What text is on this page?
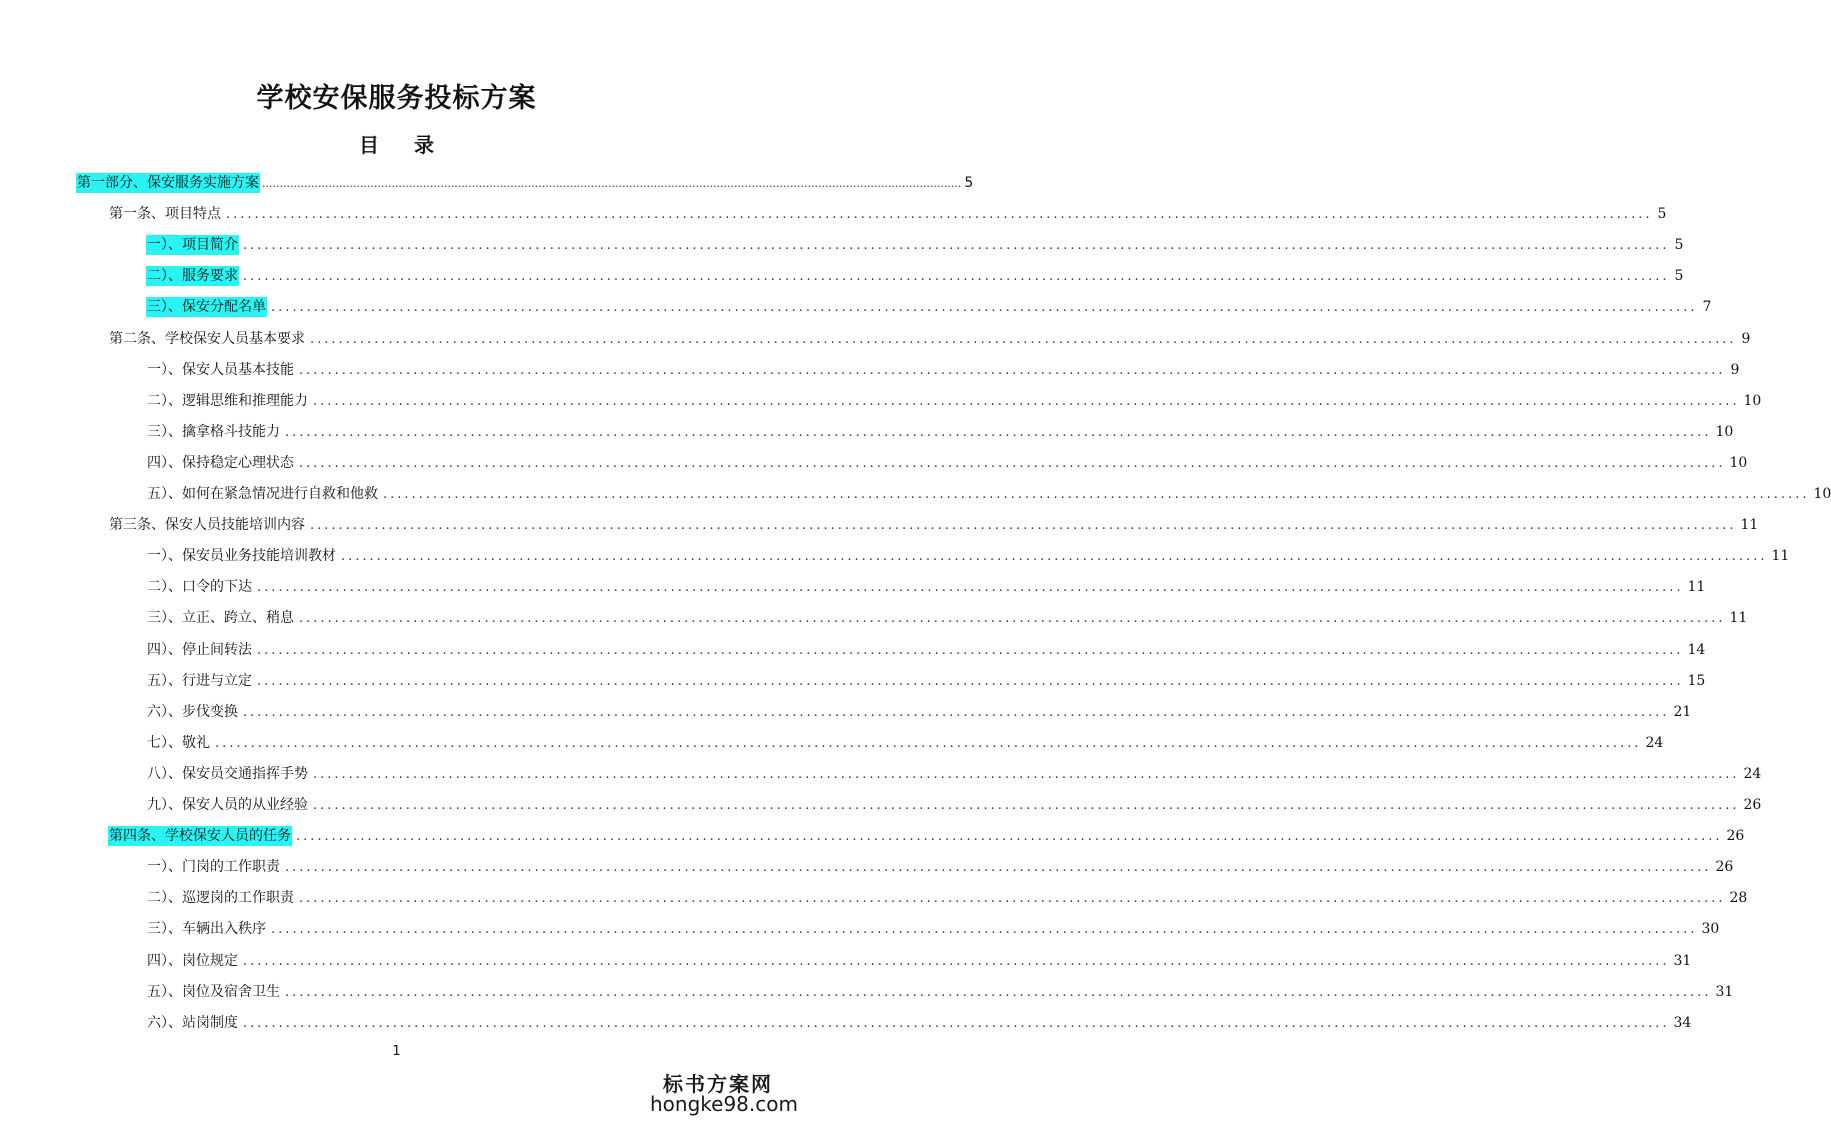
学校安保服务投标方案
目 录
第一部分、保安服务实施方案 ........................................................................................................................................................................................................ 5
第一条、项目特点 ........................................................................................................................................................................................................ 5
一）、项目简介 ........................................................................................................................................................................................................ 5
二）、服务要求 ........................................................................................................................................................................................................ 5
三）、保安分配名单 ........................................................................................................................................................................................................ 7
第二条、学校保安人员基本要求 ........................................................................................................................................................................................................ 9
一）、保安人员基本技能 ........................................................................................................................................................................................................ 9
二）、逻辑思维和推理能力 ........................................................................................................................................................................................................ 10
三）、擒拿格斗技能力 ........................................................................................................................................................................................................ 10
四）、保持稳定心理状态 ........................................................................................................................................................................................................ 10
五）、如何在紧急情况进行自救和他救 ........................................................................................................................................................................................................ 10
第三条、保安人员技能培训内容 ........................................................................................................................................................................................................ 11
一）、保安员业务技能培训教材 ........................................................................................................................................................................................................ 11
二）、口令的下达 ........................................................................................................................................................................................................ 11
三）、立正、跨立、稍息 ........................................................................................................................................................................................................ 11
四）、停止间转法 ........................................................................................................................................................................................................ 14
五）、行进与立定 ........................................................................................................................................................................................................ 15
六）、步伐变换 ........................................................................................................................................................................................................ 21
七）、敬礼 ........................................................................................................................................................................................................ 24
八）、保安员交通指挥手势 ........................................................................................................................................................................................................ 24
九）、保安人员的从业经验 ........................................................................................................................................................................................................ 26
第四条、学校保安人员的任务 ........................................................................................................................................................................................................ 26
一）、门岗的工作职责 ........................................................................................................................................................................................................ 26
二）、巡逻岗的工作职责 ........................................................................................................................................................................................................ 28
三）、车辆出入秩序 ........................................................................................................................................................................................................ 30
四）、岗位规定 ........................................................................................................................................................................................................ 31
五）、岗位及宿舍卫生 ........................................................................................................................................................................................................ 31
六）、站岗制度 ........................................................................................................................................................................................................ 34
1
标书方案网
hongke98.com
